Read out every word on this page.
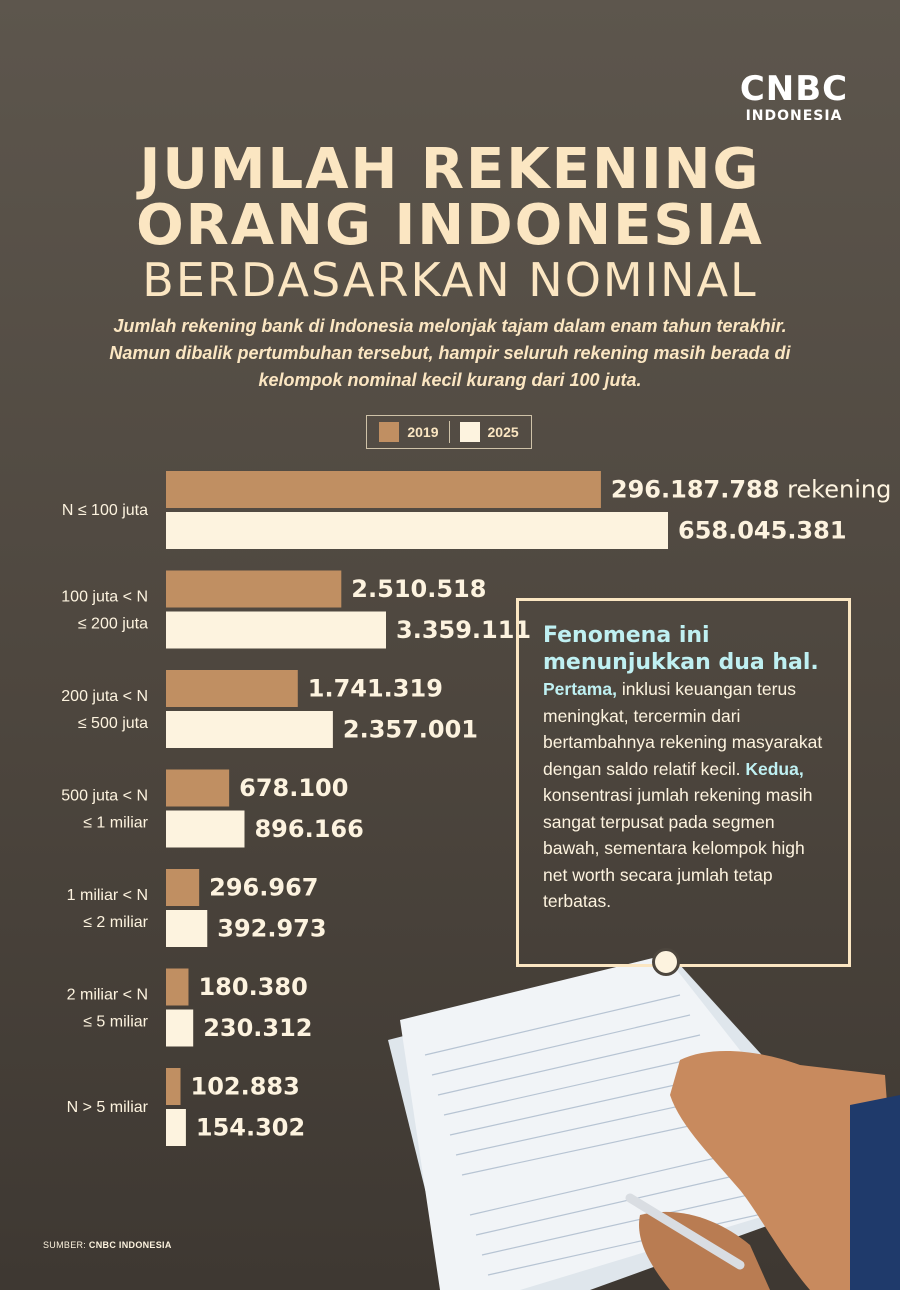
CNBC
INDONESIA
JUMLAH REKENING
ORANG INDONESIA
BERDASARKAN NOMINAL

Jumlah rekening bank di Indonesia melonjak tajam dalam enam tahun terakhir. Namun dibalik pertumbuhan tersebut, hampir seluruh rekening masih berada di kelompok nominal kecil kurang dari 100 juta.

2019	2025
N ≤ 100 juta
296.187.788 rekening
658.045.381
100 juta < N
≤ 200 juta
2.510.518
3.359.111
200 juta < N
≤ 500 juta
1.741.319
2.357.001
500 juta < N
≤ 1 miliar
678.100
896.166
1 miliar < N
≤ 2 miliar
296.967
392.973
2 miliar < N
≤ 5 miliar
180.380
230.312
N > 5 miliar
102.883
154.302
Fenomena ini menunjukkan dua hal. Pertama, inklusi keuangan terus meningkat, tercermin dari bertambahnya rekening masyarakat dengan saldo relatif kecil. Kedua, konsentrasi jumlah rekening masih sangat terpusat pada segmen bawah, sementara kelompok high net worth secara jumlah tetap terbatas.
SUMBER: CNBC INDONESIA
